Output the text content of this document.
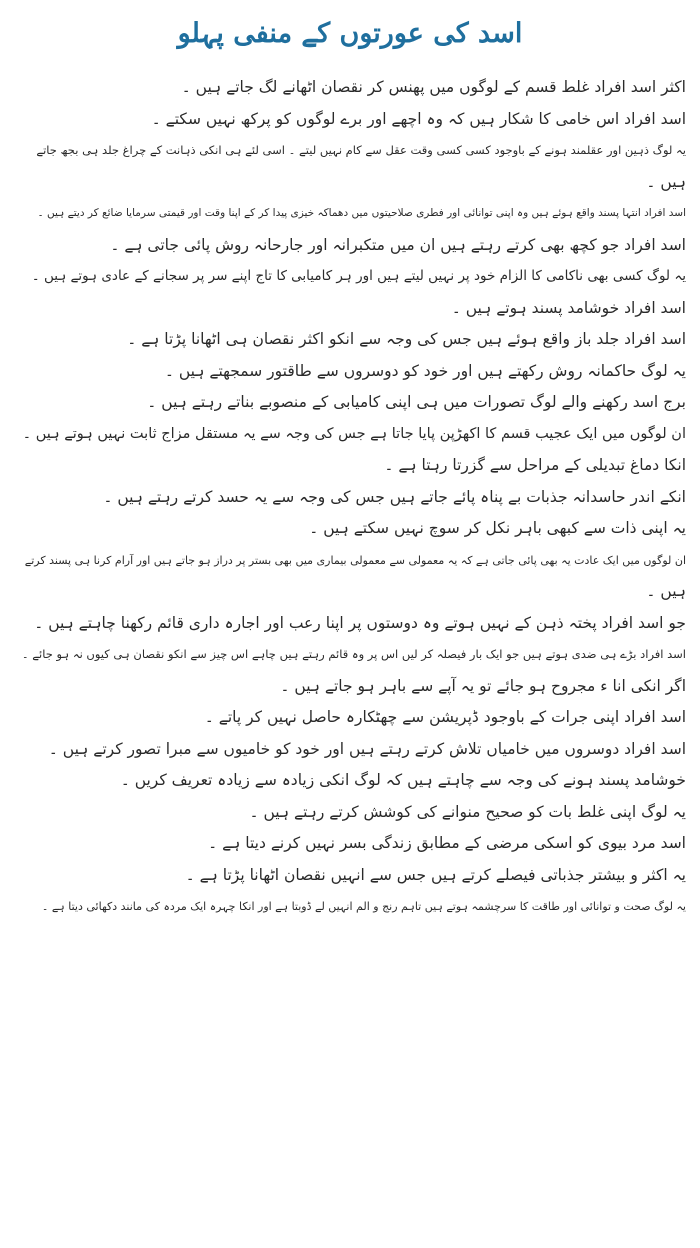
اسد کی عورتوں کے منفی پہلو
اکثر اسد افراد غلط قسم کے لوگوں میں پھنس کر نقصان اٹھانے لگ جاتے ہیں ۔
اسد افراد اس خامی کا شکار ہیں کہ وہ اچھے اور برے لوگوں کو پرکھ نہیں سکتے ۔
یہ لوگ ذہین اور عقلمند ہونے کے باوجود کسی کسی وقت عقل سے کام نہیں لیتے ۔ اسی لئے ہی انکی ذہانت کے چراغ جلد ہی بجھ جاتے
ہیں ۔
اسد افراد انتہا پسند واقع ہوئے ہیں وہ اپنی توانائی اور فطری صلاحیتوں میں دھماکہ خیزی پیدا کر کے اپنا وقت اور قیمتی سرمایا ضائع کر دیتے ہیں ۔
اسد افراد جو کچھ بھی کرتے رہتے ہیں ان میں متکبرانہ اور جارحانہ روش پائی جاتی ہے ۔
یہ لوگ کسی بھی ناکامی کا الزام خود پر نہیں لیتے ہیں اور ہر کامیابی کا تاج اپنے سر پر سجانے کے عادی ہوتے ہیں ۔
اسد افراد خوشامد پسند ہوتے ہیں ۔
اسد افراد جلد باز واقع ہوئے ہیں جس کی وجہ سے انکو اکثر نقصان ہی اٹھانا پڑتا ہے ۔
یہ لوگ حاکمانہ روش رکھتے ہیں اور خود کو دوسروں سے طاقتور سمجھتے ہیں ۔
برج اسد رکھنے والے لوگ تصورات میں ہی اپنی کامیابی کے منصوبے بناتے رہتے ہیں ۔
ان لوگوں میں ایک عجیب قسم کا اکھڑپن پایا جاتا ہے جس کی وجہ سے یہ مستقل مزاج ثابت نہیں ہوتے ہیں ۔
انکا دماغ تبدیلی کے مراحل سے گزرتا رہتا ہے ۔
انکے اندر حاسدانہ جذبات بے پناہ پائے جاتے ہیں جس کی وجہ سے یہ حسد کرتے رہتے ہیں ۔
یہ اپنی ذات سے کبھی باہر نکل کر سوچ نہیں سکتے ہیں ۔
ان لوگوں میں ایک عادت یہ بھی پائی جاتی ہے کہ یہ معمولی سے معمولی بیماری میں بھی بستر پر دراز ہو جاتے ہیں اور آرام کرنا ہی پسند کرتے
ہیں ۔
جو اسد افراد پختہ ذہن کے نہیں ہوتے وہ دوستوں پر اپنا رعب اور اجارہ داری قائم رکھنا چاہتے ہیں ۔
اسد افراد بڑے ہی ضدی ہوتے ہیں جو ایک بار فیصلہ کر لیں اس پر وہ قائم رہتے ہیں چاہے اس چیز سے انکو نقصان ہی کیوں نہ ہو جائے ۔
اگر انکی انا ء مجروح ہو جائے تو یہ آپے سے باہر ہو جاتے ہیں ۔
اسد افراد اپنی جرات کے باوجود ڈپریشن سے چھٹکارہ حاصل نہیں کر پاتے ۔
اسد افراد دوسروں میں خامیاں تلاش کرتے رہتے ہیں اور خود کو خامیوں سے مبرا تصور کرتے ہیں ۔
خوشامد پسند ہونے کی وجہ سے چاہتے ہیں کہ لوگ انکی زیادہ سے زیادہ تعریف کریں ۔
یہ لوگ اپنی غلط بات کو صحیح منوانے کی کوشش کرتے رہتے ہیں ۔
اسد مرد بیوی کو اسکی مرضی کے مطابق زندگی بسر نہیں کرنے دیتا ہے ۔
یہ اکثر و بیشتر جذباتی فیصلے کرتے ہیں جس سے انہیں نقصان اٹھانا پڑتا ہے ۔
یہ لوگ صحت و توانائی اور طاقت کا سرچشمہ ہوتے ہیں تاہم رنج و الم انہیں لے ڈوبتا ہے اور انکا چہرہ ایک مردہ کی مانند دکھائی دیتا ہے ۔
